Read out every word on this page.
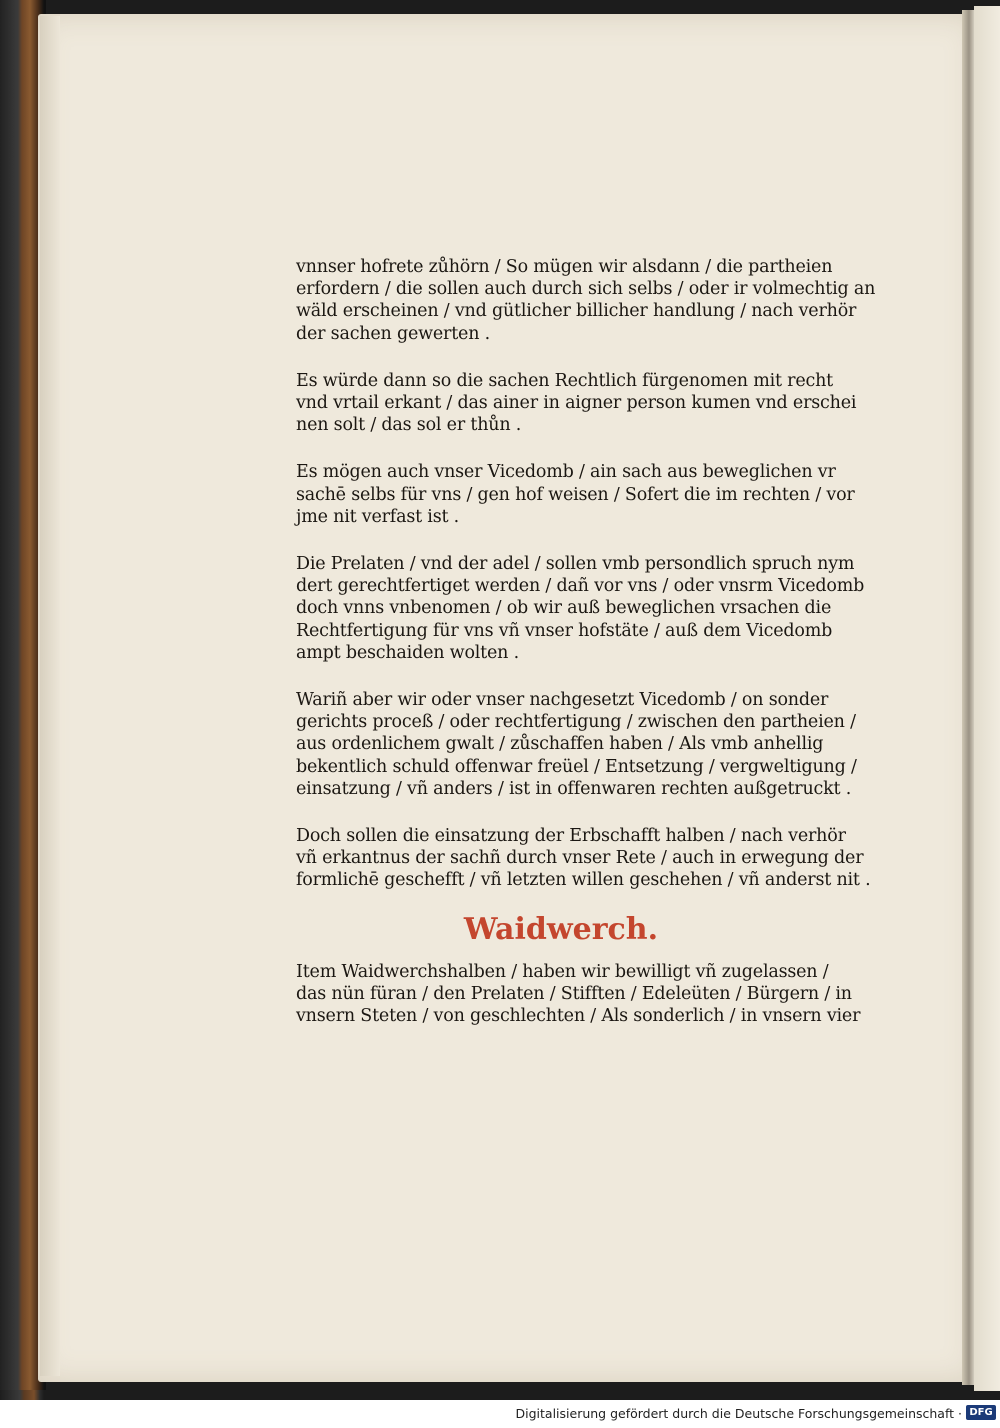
vnnser hofrete zůhörn / So mügen wir alsdann / die partheien
erfordern / die sollen auch durch sich selbs / oder ir volmechtig an
wäld erscheinen / vnd gütlicher billicher handlung / nach verhör
der sachen gewerten .
Es würde dann so die sachen Rechtlich fürgenomen mit recht
vnd vrtail erkant / das ainer in aigner person kumen vnd erschei
nen solt / das sol er thůn .
Es mögen auch vnser Vicedomb / ain sach aus beweglichen vr
sachē selbs für vns / gen hof weisen / Sofert die im rechten / vor
jme nit verfast ist .
Die Prelaten / vnd der adel / sollen vmb persondlich spruch nym
dert gerechtfertiget werden / dañ vor vns / oder vnsrm Vicedomb
doch vnns vnbenomen / ob wir auß beweglichen vrsachen die
Rechtfertigung für vns vñ vnser hofstäte / auß dem Vicedomb
ampt beschaiden wolten .
Wariñ aber wir oder vnser nachgesetzt Vicedomb / on sonder
gerichts proceß / oder rechtfertigung / zwischen den partheien /
aus ordenlichem gwalt / zůschaffen haben / Als vmb anhellig
bekentlich schuld offenwar freüel / Entsetzung / vergweltigung /
einsatzung / vñ anders / ist in offenwaren rechten außgetruckt .
Doch sollen die einsatzung der Erbschafft halben / nach verhör
vñ erkantnus der sachñ durch vnser Rete / auch in erwegung der
formlichē geschefft / vñ letzten willen geschehen / vñ anderst nit .
Waidwerch.
Item Waidwerchshalben / haben wir bewilligt vñ zugelassen /
das nün füran / den Prelaten / Stifften / Edeleüten / Bürgern / in
vnsern Steten / von geschlechten / Als sonderlich / in vnsern vier
Digitalisierung gefördert durch die Deutsche Forschungsgemeinschaft · DFG
